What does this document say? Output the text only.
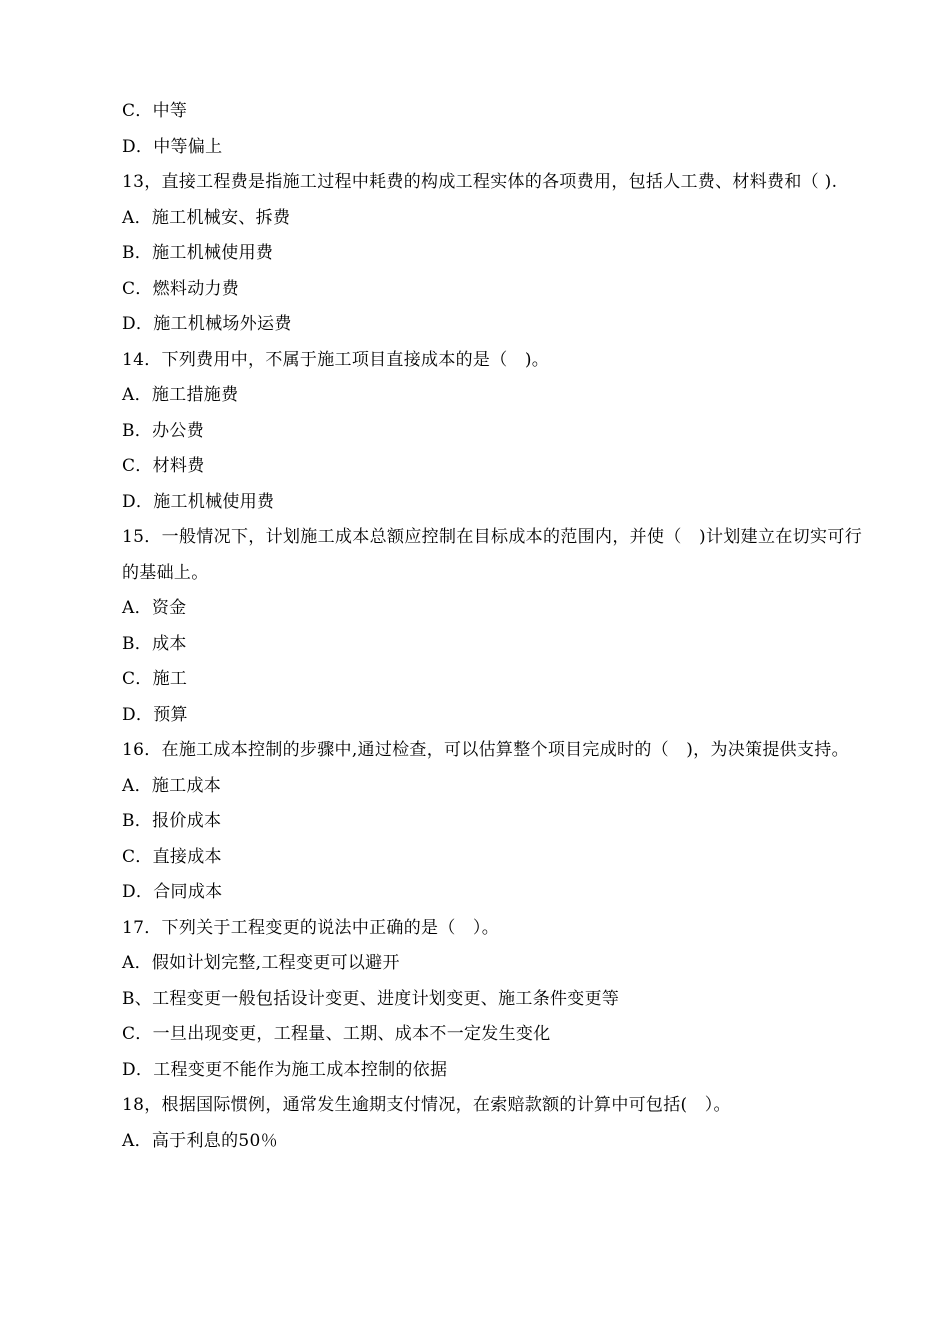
C．中等
D．中等偏上
13，直接工程费是指施工过程中耗费的构成工程实体的各项费用，包括人工费、材料费和（ ).
A．施工机械安、拆费
B．施工机械使用费
C．燃料动力费
D．施工机械场外运费
14．下列费用中，不属于施工项目直接成本的是（　)。
A．施工措施费
B．办公费
C．材料费
D．施工机械使用费
15．一般情况下，计划施工成本总额应控制在目标成本的范围内，并使（　)计划建立在切实可行的基础上。
A．资金
B．成本
C．施工
D．预算
16．在施工成本控制的步骤中,通过检查，可以估算整个项目完成时的（　)，为决策提供支持。
A．施工成本
B．报价成本
C．直接成本
D．合同成本
17．下列关于工程变更的说法中正确的是（　）。
A．假如计划完整,工程变更可以避开
B、工程变更一般包括设计变更、进度计划变更、施工条件变更等
C．一旦出现变更，工程量、工期、成本不一定发生变化
D．工程变更不能作为施工成本控制的依据
18，根据国际惯例，通常发生逾期支付情况，在索赔款额的计算中可包括(　）。
A．高于利息的50％
